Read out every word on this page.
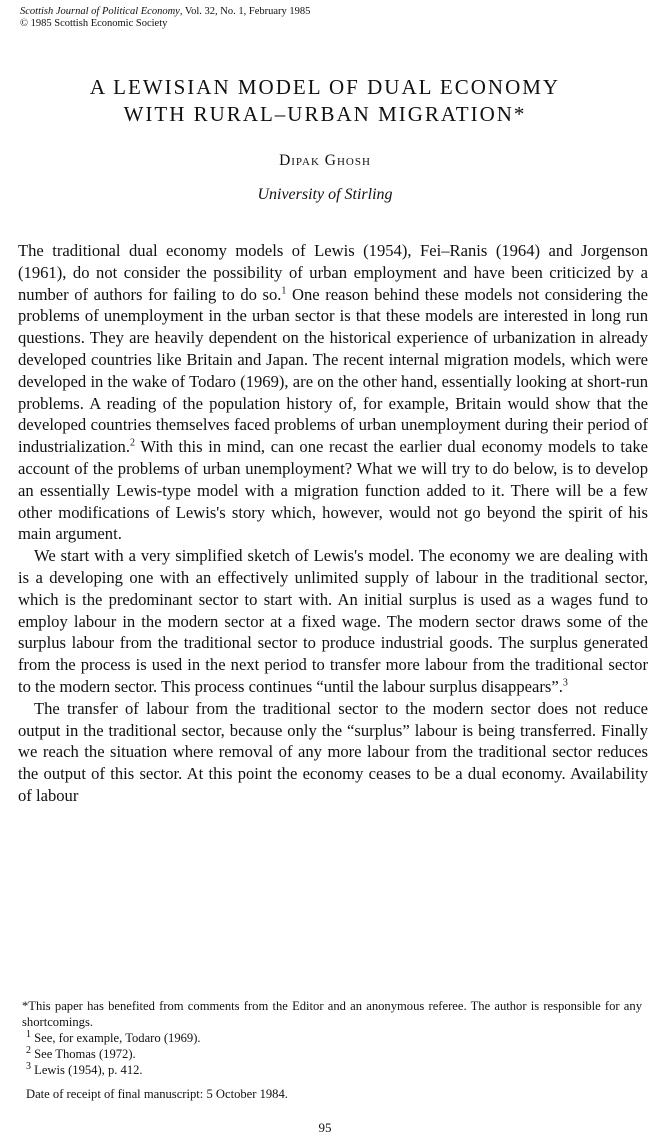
Scottish Journal of Political Economy, Vol. 32, No. 1, February 1985
© 1985 Scottish Economic Society
A LEWISIAN MODEL OF DUAL ECONOMY
WITH RURAL–URBAN MIGRATION*
Dipak Ghosh
University of Stirling

The traditional dual economy models of Lewis (1954), Fei–Ranis (1964) and Jorgenson (1961), do not consider the possibility of urban employment and have been criticized by a number of authors for failing to do so.$^1$ One reason behind these models not considering the problems of unemployment in the urban sector is that these models are interested in long run questions. They are heavily dependent on the historical experience of urbanization in already developed countries like Britain and Japan. The recent internal migration models, which were developed in the wake of Todaro (1969), are on the other hand, essentially looking at short-run problems. A reading of the population history of, for example, Britain would show that the developed countries themselves faced problems of urban unemployment during their period of industrialization.$^2$ With this in mind, can one recast the earlier dual economy models to take account of the problems of urban unemployment? What we will try to do below, is to develop an essentially Lewis-type model with a migration function added to it. There will be a few other modifications of Lewis's story which, however, would not go beyond the spirit of his main argument.

We start with a very simplified sketch of Lewis's model. The economy we are dealing with is a developing one with an effectively unlimited supply of labour in the traditional sector, which is the predominant sector to start with. An initial surplus is used as a wages fund to employ labour in the modern sector at a fixed wage. The modern sector draws some of the surplus labour from the traditional sector to produce industrial goods. The surplus generated from the process is used in the next period to transfer more labour from the traditional sector to the modern sector. This process continues “until the labour surplus disappears”.$^3$

The transfer of labour from the traditional sector to the modern sector does not reduce output in the traditional sector, because only the “surplus” labour is being transferred. Finally we reach the situation where removal of any more labour from the traditional sector reduces the output of this sector. At this point the economy ceases to be a dual economy. Availability of labour

*This paper has benefited from comments from the Editor and an anonymous referee. The author is responsible for any shortcomings.

$^1$ See, for example, Todaro (1969).

$^2$ See Thomas (1972).

$^3$ Lewis (1954), p. 412.

Date of receipt of final manuscript: 5 October 1984.

95
